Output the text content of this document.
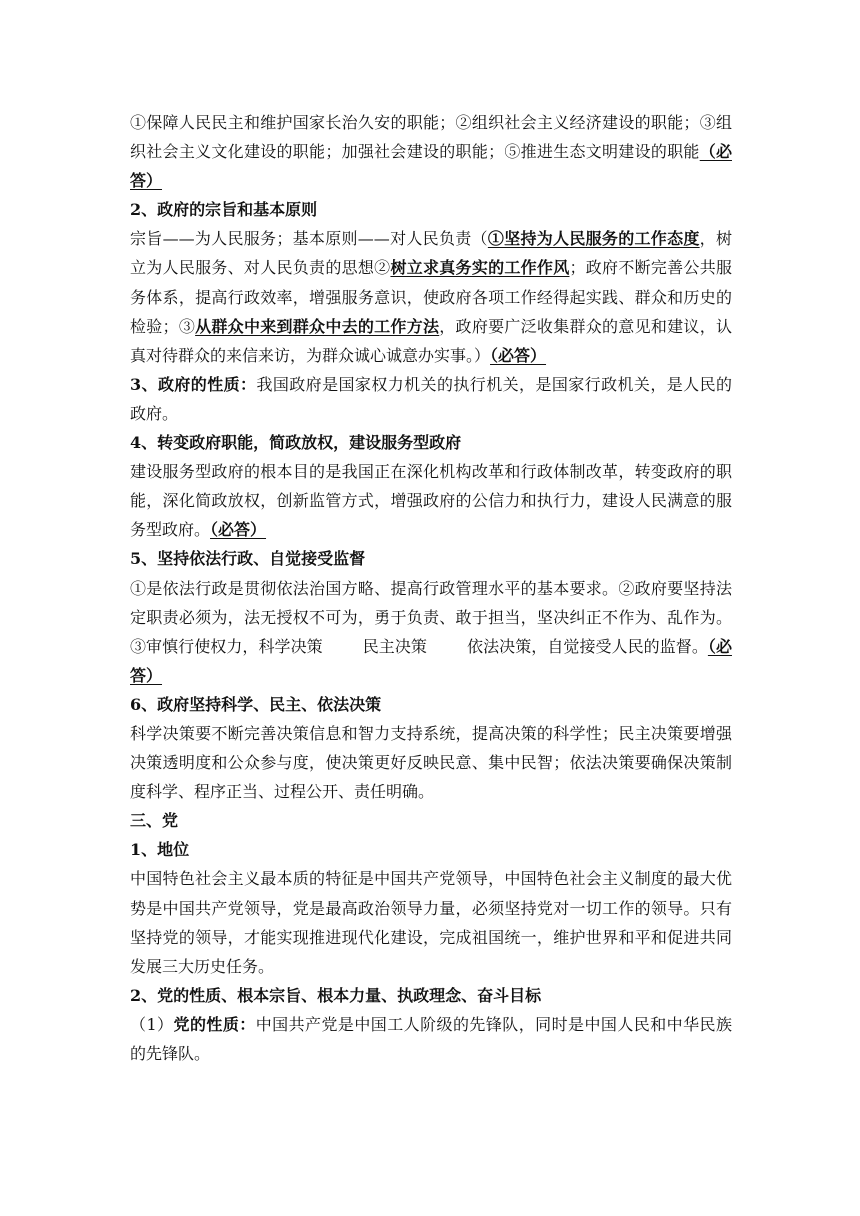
①保障人民民主和维护国家长治久安的职能；②组织社会主义经济建设的职能；③组织社会主义文化建设的职能；加强社会建设的职能；⑤推进生态文明建设的职能（必答）

2、政府的宗旨和基本原则

宗旨——为人民服务；基本原则——对人民负责（①坚持为人民服务的工作态度，树立为人民服务、对人民负责的思想②树立求真务实的工作作风；政府不断完善公共服务体系，提高行政效率，增强服务意识，使政府各项工作经得起实践、群众和历史的检验；③从群众中来到群众中去的工作方法，政府要广泛收集群众的意见和建议，认真对待群众的来信来访，为群众诚心诚意办实事。）（必答）

3、政府的性质：我国政府是国家权力机关的执行机关，是国家行政机关，是人民的政府。

4、转变政府职能，简政放权，建设服务型政府

建设服务型政府的根本目的是我国正在深化机构改革和行政体制改革，转变政府的职能，深化简政放权，创新监管方式，增强政府的公信力和执行力，建设人民满意的服务型政府。（必答）

5、坚持依法行政、自觉接受监督

①是依法行政是贯彻依法治国方略、提高行政管理水平的基本要求。②政府要坚持法定职责必须为，法无授权不可为，勇于负责、敢于担当，坚决纠正不作为、乱作为。③审慎行使权力，科学决策	民主决策	依法决策，自觉接受人民的监督。（必答）

6、政府坚持科学、民主、依法决策

科学决策要不断完善决策信息和智力支持系统，提高决策的科学性；民主决策要增强决策透明度和公众参与度，使决策更好反映民意、集中民智；依法决策要确保决策制度科学、程序正当、过程公开、责任明确。

三、党

1、地位

中国特色社会主义最本质的特征是中国共产党领导，中国特色社会主义制度的最大优势是中国共产党领导，党是最高政治领导力量，必须坚持党对一切工作的领导。只有坚持党的领导，才能实现推进现代化建设，完成祖国统一，维护世界和平和促进共同发展三大历史任务。

2、党的性质、根本宗旨、根本力量、执政理念、奋斗目标

（1）党的性质：中国共产党是中国工人阶级的先锋队，同时是中国人民和中华民族的先锋队。
